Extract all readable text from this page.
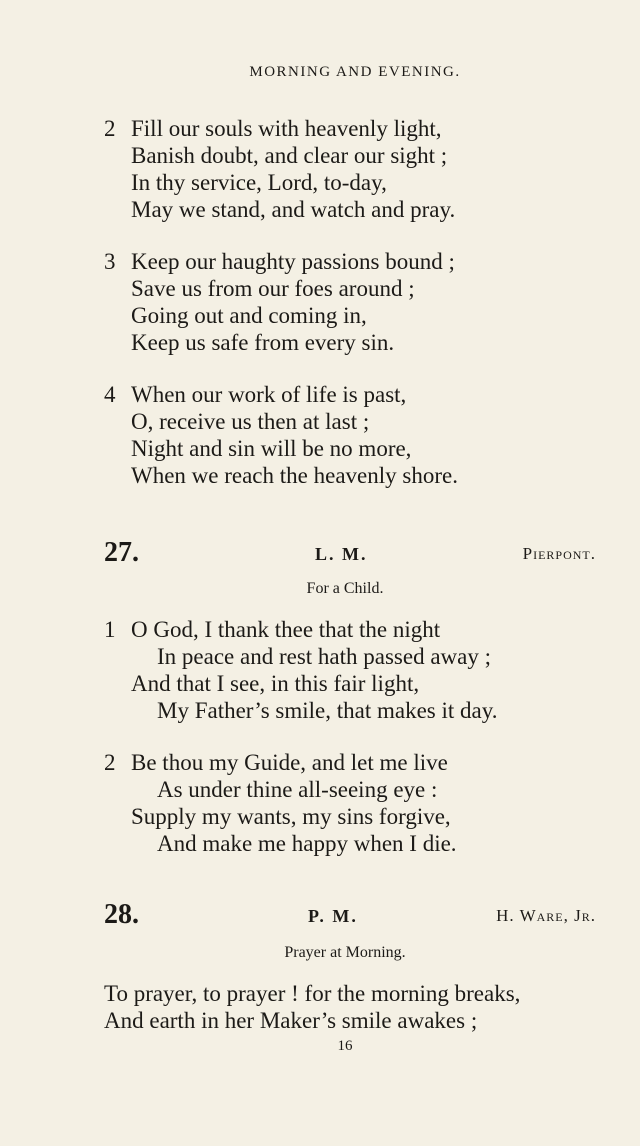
MORNING AND EVENING.
2 Fill our souls with heavenly light,
Banish doubt, and clear our sight ;
In thy service, Lord, to-day,
May we stand, and watch and pray.
3 Keep our haughty passions bound ;
Save us from our foes around ;
Going out and coming in,
Keep us safe from every sin.
4 When our work of life is past,
O, receive us then at last ;
Night and sin will be no more,
When we reach the heavenly shore.
27.	L. M.	Pierpont.
For a Child.
1 O God, I thank thee that the night
In peace and rest hath passed away ;
And that I see, in this fair light,
My Father’s smile, that makes it day.
2 Be thou my Guide, and let me live
As under thine all-seeing eye :
Supply my wants, my sins forgive,
And make me happy when I die.
28.	P. M.	H. Ware, Jr.
Prayer at Morning.
To prayer, to prayer ! for the morning breaks,
And earth in her Maker’s smile awakes ;
16
